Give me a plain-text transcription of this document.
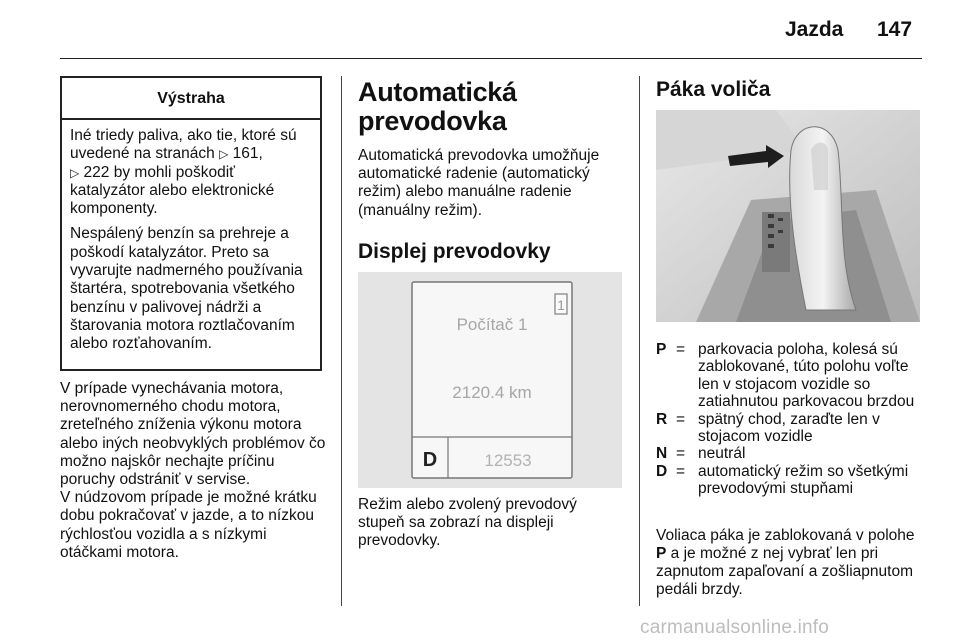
Jazda 147
Výstraha

Iné triedy paliva, ako tie, ktoré sú uvedené na stranách ▷ 161,
▷ 222 by mohli poškodiť katalyzátor alebo elektronické komponenty.

Nespálený benzín sa prehreje a poškodí katalyzátor. Preto sa vyvarujte nadmerného používania štartéra, spotrebovania všetkého benzínu v palivovej nádrži a štarovania motora roztlačovaním alebo rozťahovaním.

V prípade vynechávania motora, nerovnomerného chodu motora, zreteľného zníženia výkonu motora alebo iných neobvyklých problémov čo možno najskôr nechajte príčinu poruchy odstrániť v servise.

V núdzovom prípade je možné krátku dobu pokračovať v jazde, a to nízkou rýchlosťou vozidla a s nízkymi otáčkami motora.

Automatická prevodovka

Automatická prevodovka umožňuje automatické radenie (automatický režim) alebo manuálne radenie (manuálny režim).

Displej prevodovky
1
Počítač 1
2120.4 km
D	12553

Režim alebo zvolený prevodový stupeň sa zobrazí na displeji prevodovky.

Páka voliča
P = parkovacia poloha, kolesá sú zablokované, túto polohu voľte len v stojacom vozidle so zatiahnutou parkovacou brzdou
R = spätný chod, zaraďte len v stojacom vozidle
N = neutrál
D = automatický režim so všetkými prevodovými stupňami
Voliaca páka je zablokovaná v polohe P a je možné z nej vybrať len pri zapnutom zapaľovaní a zošliapnutom pedáli brzdy.
carmanualsonline.info
